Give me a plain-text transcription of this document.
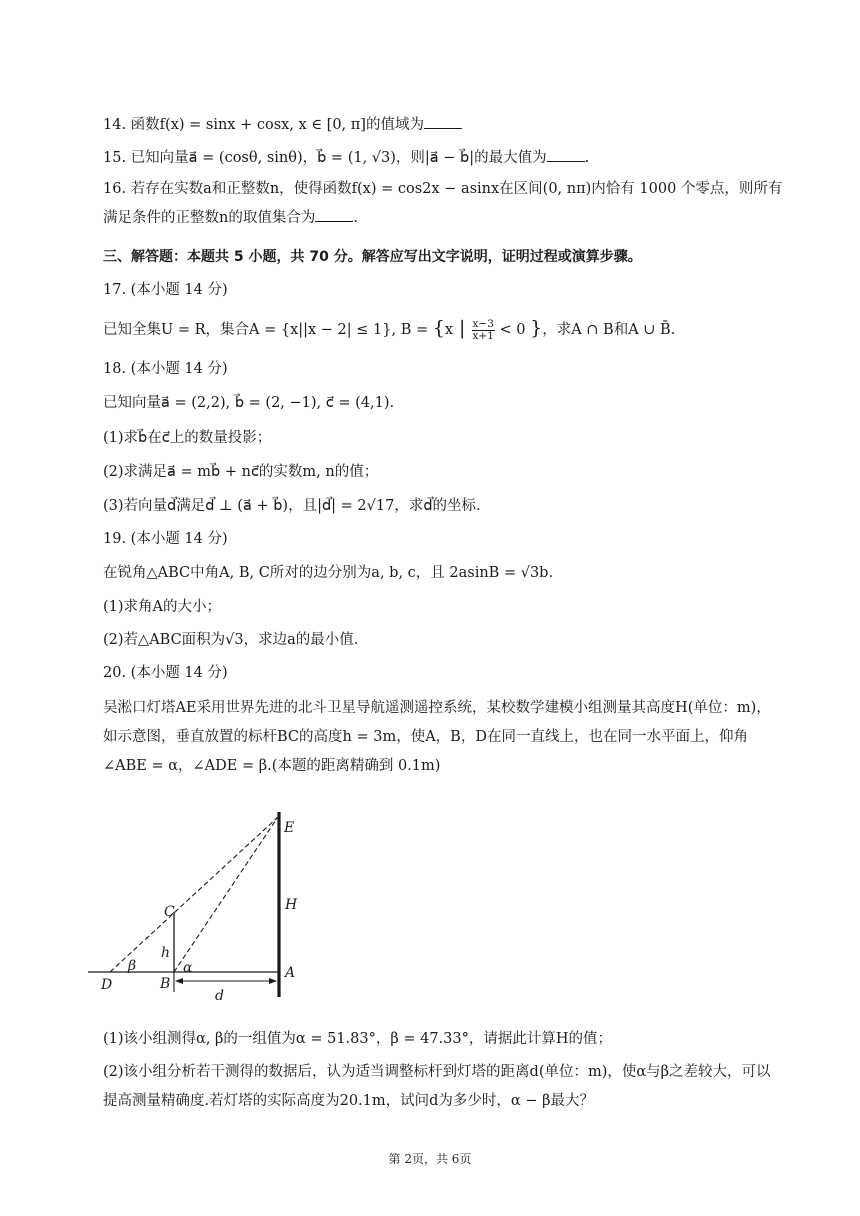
14. 函数f(x) = sinx + cosx, x ∈ [0, π]的值域为
15. 已知向量a⃗ = (cosθ, sinθ)，b⃗ = (1, √3)，则|a⃗ − b⃗|的最大值为	.
16. 若存在实数a和正整数n，使得函数f(x) = cos2x − asinx在区间(0, nπ)内恰有 1000 个零点，则所有满足条件的正整数n的取值集合为	.
三、解答题：本题共 5 小题，共 70 分。解答应写出文字说明，证明过程或演算步骤。
17. (本小题 14 分)
已知全集U = R，集合A = {x||x − 2| ≤ 1}, B = {x | $\frac{x-3}{x+1} < 0$ }，求A ∩ B和A ∪ B̄.
18. (本小题 14 分)
已知向量a⃗ = (2,2), b⃗ = (2, −1), c⃗ = (4,1).
(1)求b⃗在c⃗上的数量投影；
(2)求满足a⃗ = mb⃗ + nc⃗的实数m, n的值；
(3)若向量d⃗满足d⃗ ⊥ (a⃗ + b⃗)，且|d⃗| = 2√17，求d⃗的坐标.
19. (本小题 14 分)
在锐角△ABC中角A, B, C所对的边分别为a, b, c，且 2asinB = √3b.
(1)求角A的大小；
(2)若△ABC面积为√3，求边a的最小值.
20. (本小题 14 分)
吴淞口灯塔AE采用世界先进的北斗卫星导航遥测遥控系统，某校数学建模小组测量其高度H(单位：m)，如示意图，垂直放置的标杆BC的高度h = 3m，使A，B，D在同一直线上，也在同一水平面上，仰角∠ABE = α，∠ADE = β.(本题的距离精确到 0.1m)
E
C	H
h
α
β
D	B
A
d
(1)该小组测得α, β的一组值为α = 51.83°，β = 47.33°，请据此计算H的值；
(2)该小组分析若干测得的数据后，认为适当调整标杆到灯塔的距离d(单位：m)，使α与β之差较大，可以提高测量精确度.若灯塔的实际高度为20.1m，试问d为多少时，α − β最大？
第 2页，共 6页
